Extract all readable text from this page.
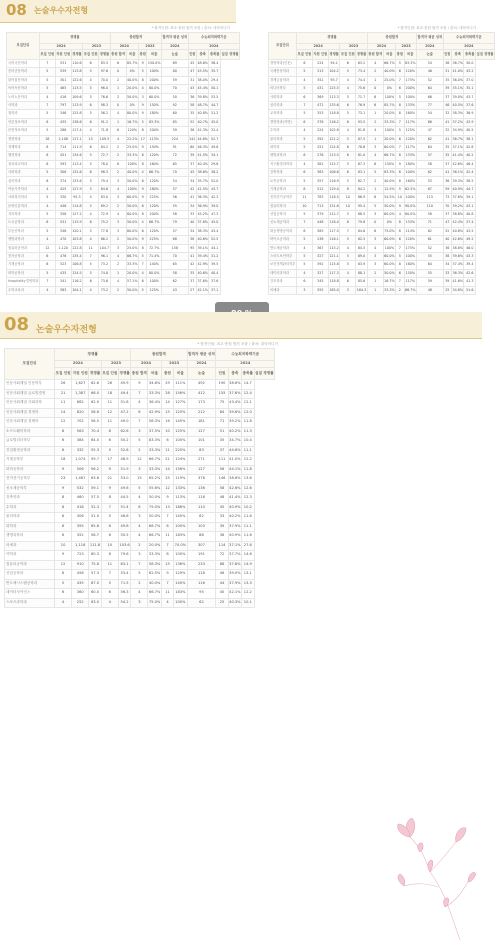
08 논술우수자전형
* 합격인원: 최초·충원 합격 포함 / 출처: 대학어디가
모집단위	경쟁률					충원합격				합격자 평균 성적	수능최저학력기준			
	2024			2023		2024		2023		2024	2024			
	모집 인원	지원 인원	경쟁률	모집 인원	경쟁률	충원 합격	비율	충원	비율	논술	인원	충족	충족률	실질 경쟁률
국어국문학과	7	531	110.6	6	83.5	6	85.7%	9	150.0%	69	45	48.6%	36.4	
중어중문학과	5	539	113.8	5	97.6	0	0%	5	100%	80	47	43.5%	35.7	
불어불문학과	5	301	122.6	4	70.0	2	40.0%	8	200%	59	31	38.0%	29.4	
독어독문학과	5	465	113.5	5	96.0	1	20.0%	4	80.0%	70	43	45.4%	50.1	
노어노문학과	4	416	109.6	5	76.6	2	50.0%	3	60.0%	50	36	39.8%	53.5	
사학과	7	797	113.9	6	98.3	0	0%	9	150%	92	58	48.7%	44.7	
철학과	5	346	125.8	5	56.2	4	80.0%	9	180%	60	35	40.8%	51.2	
언론정보학과	6	435	138.6	6	91.2	1	16.7%	5	83.3%	85	52	40.7%	45.0	
문헌정보학과	5	286	117.4	4	71.8	6	120%	8	200%	59	36	42.3%	32.4	
경영학과	18	2,108	117.1	15	109.3	4	22.2%	17	113%	224	141	44.8%	52.7	
경제학과	8	714	111.9	6	84.2	2	25.0%	9	150%	91	60	46.3%	49.6	
행정학과	6	451	134.6	5	72.7	2	33.3%	6	120%	72	39	41.5%	34.1	
정치외교학과	6	593	113.4	5	78.0	6	100%	8	160%	65	37	40.4%	29.6	
사회학과	5	306	132.6	6	98.5	2	40.0%	4	66.7%	70	45	38.6%	38.2	
심리학과	6	374	133.6	5	79.4	3	50.0%	6	120%	54	34	35.7%	52.0	
아동가족학과	4	425	127.9	5	84.6	4	100%	9	180%	57	42	41.5%	43.7	
사회복지학과	5	330	95.3	4	83.0	3	60.0%	9	225%	56	41	36.3%	42.3	
문화인류학과	4	446	114.8	5	89.2	2	50.0%	6	120%	55	34	36.9%	39.0	
지리학과	5	358	127.2	4	72.9	4	80.0%	8	200%	58	33	45.2%	47.3	
도시공학과	6	531	115.9	6	75.2	3	50.0%	4	66.7%	79	40	37.8%	45.0	
부동산학과	5	346	120.1	5	77.8	3	60.0%	6	120%	57	34	38.3%	43.4	
생명과학과	4	470	103.8	4	86.2	2	50.0%	9	225%	68	38	40.6%	52.5	
컴퓨터공학과	12	1,120	122.8	11	104.7	3	25.0%	8	72.7%	158	95	39.1%	44.1	
전자공학과	6	476	135.4	7	96.1	4	66.7%	5	71.4%	70	41	39.4%	31.2	
기계공학과	6	523	106.8	5	73.2	2	33.3%	7	140%	65	42	42.9%	39.5	
화학공학과	5	435	124.5	5	74.8	1	20.0%	4	80.0%	58	35	40.6%	40.4	
Hospitality경영학과	7	341	116.2	6	73.6	4	57.1%	6	100%	62	37	37.6%	37.6	
수학교육과	4	383	104.1	4	73.2	2	50.0%	5	125%	43	27	42.1%	37.1	
* 합격인원: 최초·충원 합격 포함 / 출처: 대학어디가
모집단위	경쟁률					충원합격				합격자 평균 성적	수능최저학력기준			
	2024			2023		2024		2023		2024	2024			
	모집 인원	지원 인원	경쟁률	모집 인원	경쟁률	충원 합격	비율	충원	비율	논술	인원	충족	충족률	실질 경쟁률
경영학과(인문)	6	224	94.2	6	63.2	4	66.7%	5	83.3%	54	36	36.7%	50.0	
국제통상학과	5	313	104.2	5	73.4	2	40.0%	6	120%	46	31	41.0%	43.2	
경제금융학과	4	352	95.7	4	74.4	1	25.0%	7	175%	52	35	36.0%	37.0	
미디어학부	5	431	125.5	4	75.6	0	0%	8	200%	64	39	35.1%	35.1	
사회학과	6	369	113.3	5	71.7	6	100%	5	100%	66	37	39.0%	43.7	
심리학과	7	472	135.6	6	76.9	6	85.7%	8	133%	77	46	40.5%	37.6	
교육학과	5	353	118.8	5	73.1	1	20.0%	8	160%	54	32	38.3%	36.9	
경영학과(자연)	6	378	116.2	6	93.5	2	33.3%	7	117%	66	41	37.2%	43.9	
수학과	4	224	102.8	4	81.8	4	100%	5	125%	47	32	34.9%	40.5	
물리학과	5	392	121.2	5	87.5	1	20.0%	6	120%	62	41	36.7%	38.1	
화학과	5	251	124.8	6	78.6	3	60.0%	7	117%	64	35	37.1%	42.8	
생명과학과	6	276	113.5	6	81.0	4	66.7%	8	133%	57	35	41.4%	40.2	
지구환경과학과	4	381	115.7	5	87.3	6	150%	9	180%	58	37	42.6%	46.4	
건축학과	6	363	106.6	6	83.1	5	83.3%	6	100%	62	41	36.1%	42.4	
토목공학과	5	357	116.9	5	82.7	2	40.0%	8	160%	53	36	39.3%	38.5	
기계공학과	8	512	119.0	8	84.2	1	12.5%	5	62.5%	87	59	40.9%	44.7	
전자전기공학부	11	783	118.5	10	86.9	6	54.5%	10	100%	115	73	37.6%	39.1	
컴퓨터학과	10	713	131.6	10	95.4	5	50.0%	9	90.0%	110	70	39.2%	43.1	
산업공학과	5	379	112.7	5	88.5	3	60.0%	4	80.0%	58	37	38.8%	40.8	
신소재공학과	7	448	118.4	6	79.8	0	0%	8	133%	71	47	42.4%	37.4	
화공생명공학과	8	585	117.5	7	84.6	6	75.0%	8	114%	82	52	40.8%	43.5	
바이오공학과	5	238	116.1	5	82.5	3	60.0%	6	120%	61	40	42.6%	49.2	
반도체공학과	4	367	115.2	4	84.5	4	100%	7	175%	52	36	38.8%	46.0	
스마트보안학부	5	327	121.1	5	89.0	3	60.0%	5	100%	55	38	39.6%	43.3	
보건정책관리학부	5	392	115.8	5	83.9	3	60.0%	8	160%	64	34	37.4%	39.4	
데이터과학과	4	327	117.3	4	88.1	2	50.0%	6	150%	55	33	36.3%	42.6	
간호학과	6	345	118.8	6	85.6	1	16.7%	7	117%	59	39	41.6%	41.3	
의예과	3	555	185.0	3	164.3	1	33.3%	2	66.7%	48	25	34.8%	51.6	
08 논술우수자전형
* 합격인원: 최초·충원 합격 포함 / 출처: 대학어디가
모집단위	경쟁률					충원합격				합격자 평균 성적	수능최저학력기준			
	2024			2023		2024		2023		2024	2024			
	모집 인원	지원 인원	경쟁률	모집 인원	경쟁률	충원 합격	비율	충원	비율	논술	인원	충족	충족률	실질 경쟁률
인문사회계열 인문학부	26	1,627	62.6	26	49.9	9	34.6%	29	111%	492	190	38.6%	14.7	
인문사회계열 글로벌경영	21	1,387	66.0	18	49.4	7	33.3%	28	156%	412	155	37.6%	12.4	
인문사회계열 사회과학	11	682	62.0	11	51.8	4	36.4%	14	127%	173	75	43.4%	12.1	
인문사회계열 경영학	14	820	58.6	12	47.2	6	42.9%	15	125%	212	84	39.6%	12.0	
인문사회계열 경제학	12	702	58.5	11	49.0	7	58.3%	16	145%	181	71	39.2%	11.8	
소프트웨어학과	8	563	70.4	8	62.6	3	37.5%	10	125%	127	51	40.2%	11.3	
글로벌리더학부	6	384	64.0	6	50.2	5	83.3%	6	100%	101	35	34.7%	10.4	
건설환경공학과	6	332	55.3	5	52.8	2	33.3%	11	220%	83	37	44.6%	11.1	
기계공학부	18	1,074	59.7	17	48.9	12	66.7%	21	124%	271	111	41.0%	12.2	
화학공학과	9	506	56.2	9	51.9	3	33.3%	14	156%	127	56	44.1%	11.8	
전자전기공학부	23	1,467	63.8	21	53.0	15	65.2%	25	119%	378	146	38.6%	13.6	
신소재공학부	9	532	59.1	9	49.6	5	55.6%	12	133%	136	58	42.6%	12.6	
건축학과	8	460	57.5	8	44.5	4	50.0%	9	113%	116	48	41.4%	12.3	
수학과	8	418	52.3	7	51.4	6	75.0%	13	186%	110	45	40.9%	10.2	
물리학과	6	306	51.0	5	48.6	3	50.0%	7	140%	82	33	40.2%	11.6	
화학과	6	395	65.8	6	49.8	4	66.7%	6	100%	103	39	37.9%	11.1	
생명과학과	6	352	58.7	6	50.5	4	66.7%	11	183%	88	36	40.9%	11.6	
의예과	10	1,118	111.8	10	103.6	2	20.0%	7	70.0%	307	114	37.1%	27.6	
약학과	9	723	80.3	8	79.6	3	33.3%	8	100%	191	72	37.7%	14.6	
컴퓨터공학과	12	910	75.8	11	63.1	7	58.3%	15	136%	233	88	37.8%	14.9	
산업공학과	8	458	57.3	7	53.4	5	62.5%	9	129%	118	46	39.0%	13.1	
반도체시스템공학과	5	435	87.0	5	71.5	2	40.0%	7	140%	116	44	37.9%	13.3	
데이터사이언스	6	360	60.0	6	56.3	4	66.7%	11	183%	95	40	42.1%	12.2	
스포츠과학과	4	252	63.0	4	54.2	3	75.0%	4	100%	62	25	40.3%	10.1	
